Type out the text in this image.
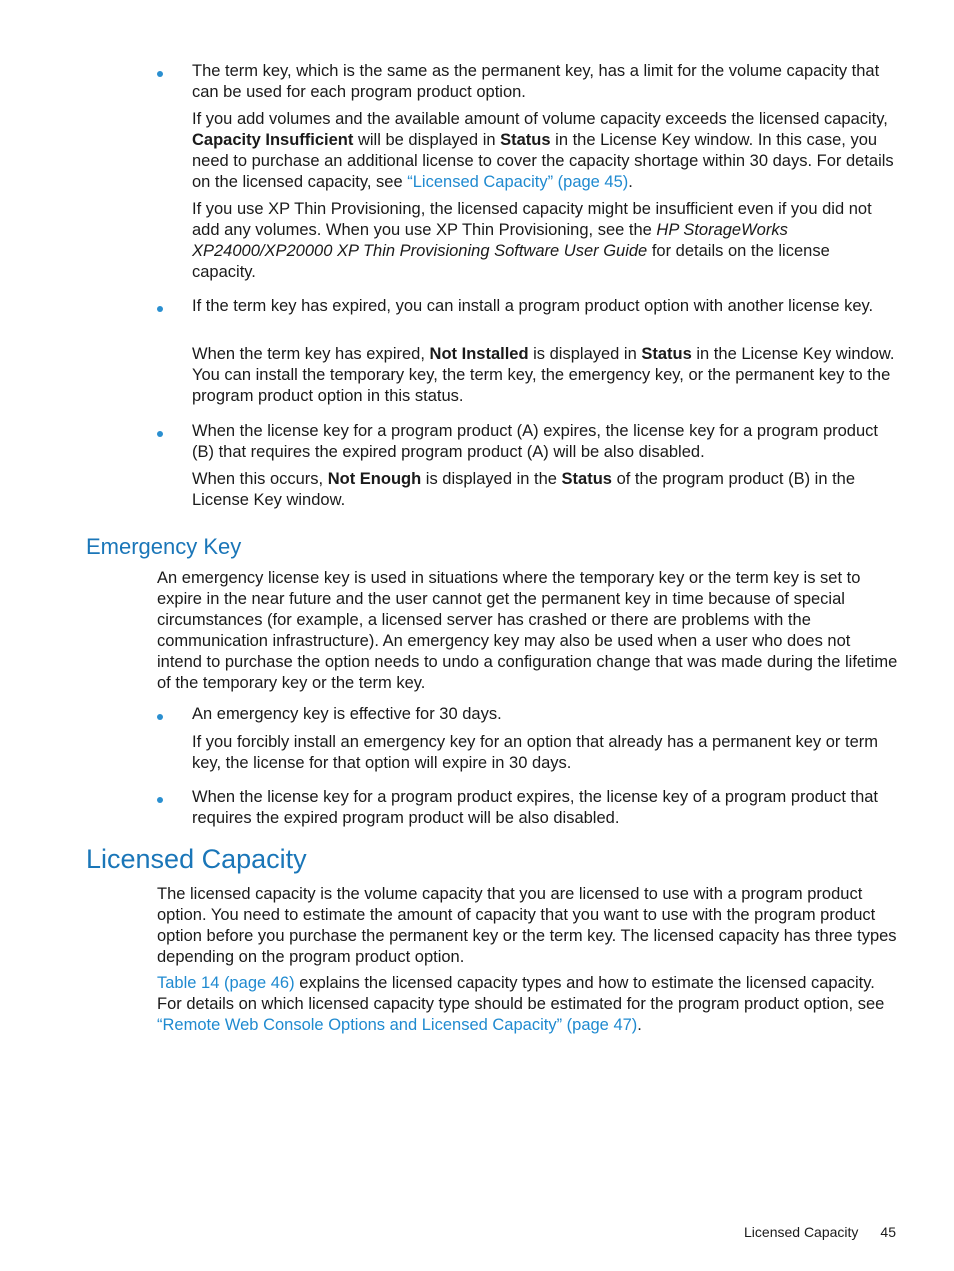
The term key, which is the same as the permanent key, has a limit for the volume capacity that can be used for each program product option.

If you add volumes and the available amount of volume capacity exceeds the licensed capacity,
Capacity Insufficient will be displayed in Status in the License Key window. In this case, you need to purchase an additional license to cover the capacity shortage within 30 days. For details on the licensed capacity, see “Licensed Capacity” (page 45).

If you use XP Thin Provisioning, the licensed capacity might be insufficient even if you did not add any volumes. When you use XP Thin Provisioning, see the HP StorageWorks XP24000/XP20000 XP Thin Provisioning Software User Guide for details on the license capacity.

If the term key has expired, you can install a program product option with another license key.

When the term key has expired, Not Installed is displayed in Status in the License Key window. You can install the temporary key, the term key, the emergency key, or the permanent key to the program product option in this status.

When the license key for a program product (A) expires, the license key for a program product (B) that requires the expired program product (A) will be also disabled.

When this occurs, Not Enough is displayed in the Status of the program product (B) in the License Key window.

Emergency Key

An emergency license key is used in situations where the temporary key or the term key is set to expire in the near future and the user cannot get the permanent key in time because of special circumstances (for example, a licensed server has crashed or there are problems with the communication infrastructure). An emergency key may also be used when a user who does not intend to purchase the option needs to undo a configuration change that was made during the lifetime of the temporary key or the term key.

An emergency key is effective for 30 days.

If you forcibly install an emergency key for an option that already has a permanent key or term key, the license for that option will expire in 30 days.

When the license key for a program product expires, the license key of a program product that requires the expired program product will be also disabled.

Licensed Capacity

The licensed capacity is the volume capacity that you are licensed to use with a program product option. You need to estimate the amount of capacity that you want to use with the program product option before you purchase the permanent key or the term key. The licensed capacity has three types depending on the program product option.

Table 14 (page 46) explains the licensed capacity types and how to estimate the licensed capacity. For details on which licensed capacity type should be estimated for the program product option, see “Remote Web Console Options and Licensed Capacity” (page 47).

Licensed Capacity 45
